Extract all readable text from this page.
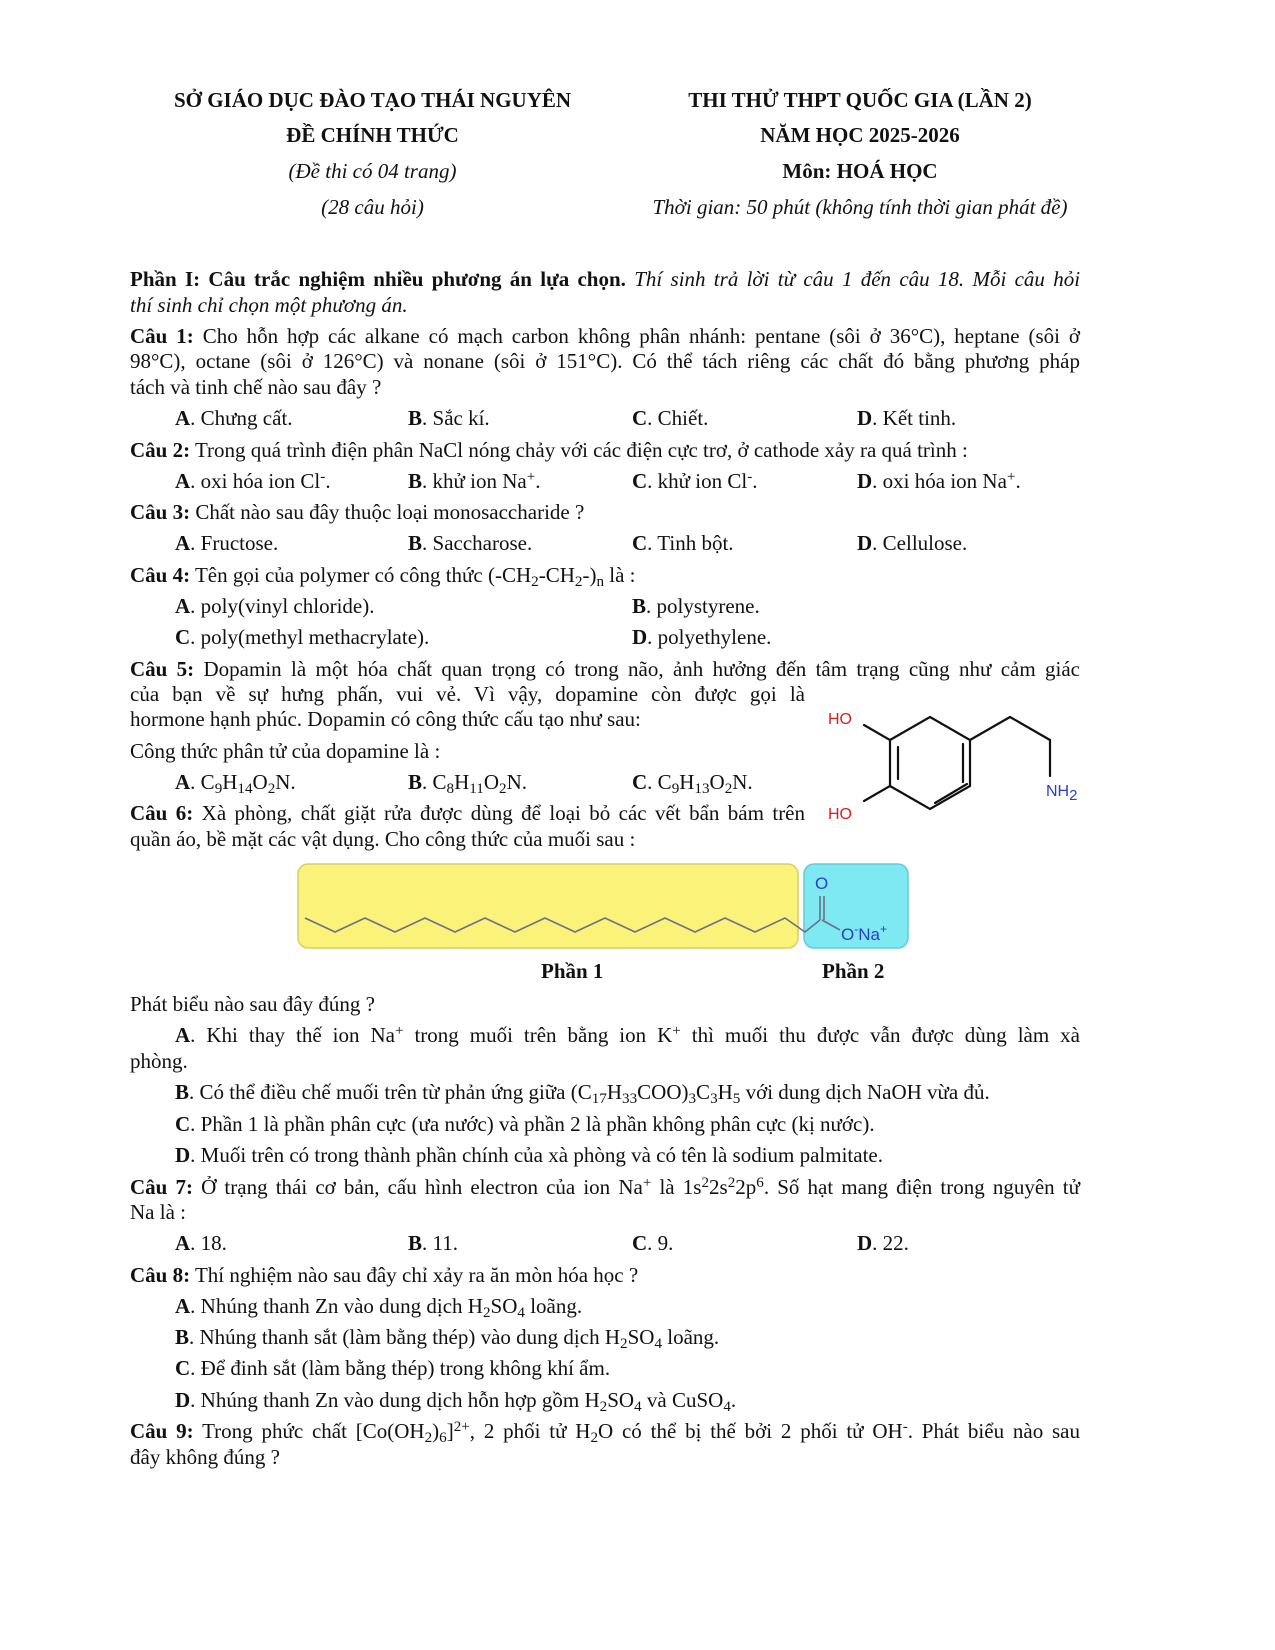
SỞ GIÁO DỤC ĐÀO TẠO THÁI NGUYÊN
ĐỀ CHÍNH THỨC
(Đề thi có 04 trang)
(28 câu hỏi)
THI THỬ THPT QUỐC GIA (LẦN 2)
NĂM HỌC 2025-2026
Môn: HOÁ HỌC
Thời gian: 50 phút (không tính thời gian phát đề)
Phần I: Câu trắc nghiệm nhiều phương án lựa chọn. Thí sinh trả lời từ câu 1 đến câu 18. Mỗi câu hỏi
thí sinh chỉ chọn một phương án.
Câu 1: Cho hỗn hợp các alkane có mạch carbon không phân nhánh: pentane (sôi ở 36°C), heptane (sôi ở
98°C), octane (sôi ở 126°C) và nonane (sôi ở 151°C). Có thể tách riêng các chất đó bằng phương pháp
tách và tinh chế nào sau đây ?
A. Chưng cất.	B. Sắc kí.	C. Chiết.	D. Kết tinh.
Câu 2: Trong quá trình điện phân NaCl nóng chảy với các điện cực trơ, ở cathode xảy ra quá trình :
A. oxi hóa ion Cl-.	B. khử ion Na+.	C. khử ion Cl-.	D. oxi hóa ion Na+.
Câu 3: Chất nào sau đây thuộc loại monosaccharide ?
A. Fructose.	B. Saccharose.	C. Tinh bột.	D. Cellulose.
Câu 4: Tên gọi của polymer có công thức $(-CH_2-CH_2-)_n$ là :
A. poly(vinyl chloride).	B. polystyrene.
C. poly(methyl methacrylate).	D. polyethylene.
Câu 5: Dopamin là một hóa chất quan trọng có trong não, ảnh hưởng đến tâm trạng cũng như cảm giác
của bạn về sự hưng phấn, vui vẻ. Vì vậy, dopamine còn được gọi là
hormone hạnh phúc. Dopamin có công thức cấu tạo như sau:
Công thức phân tử của dopamine là :
A. $C_9H_{14}O_2N$.	B. $C_8H_{11}O_2N$.	C. $C_9H_{13}O_2N$.
HO
HO
NH2
Câu 6: Xà phòng, chất giặt rửa được dùng để loại bỏ các vết bẩn bám trên
quần áo, bề mặt các vật dụng. Cho công thức của muối sau :
O
O-Na+
Phần 1	Phần 2
Phát biểu nào sau đây đúng ?
A. Khi thay thế ion Na+ trong muối trên bằng ion K+ thì muối thu được vẫn được dùng làm xà
phòng.
B. Có thể điều chế muối trên từ phản ứng giữa $(C_{17}H_{33}COO)_3C_3H_5$ với dung dịch NaOH vừa đủ.
C. Phần 1 là phần phân cực (ưa nước) và phần 2 là phần không phân cực (kị nước).
D. Muối trên có trong thành phần chính của xà phòng và có tên là sodium palmitate.
Câu 7: Ở trạng thái cơ bản, cấu hình electron của ion Na+ là $1s^22s^22p^6$. Số hạt mang điện trong nguyên tử
Na là :
A. 18.	B. 11.	C. 9.	D. 22.
Câu 8: Thí nghiệm nào sau đây chỉ xảy ra ăn mòn hóa học ?
A. Nhúng thanh Zn vào dung dịch $H_2SO_4$ loãng.
B. Nhúng thanh sắt (làm bằng thép) vào dung dịch $H_2SO_4$ loãng.
C. Để đinh sắt (làm bằng thép) trong không khí ẩm.
D. Nhúng thanh Zn vào dung dịch hỗn hợp gồm $H_2SO_4$ và CuSO$_4$.
Câu 9: Trong phức chất $[Co(OH_2)_6]^{2+}$, 2 phối tử $H_2O$ có thể bị thế bởi 2 phối tử OH-. Phát biểu nào sau
đây không đúng ?
